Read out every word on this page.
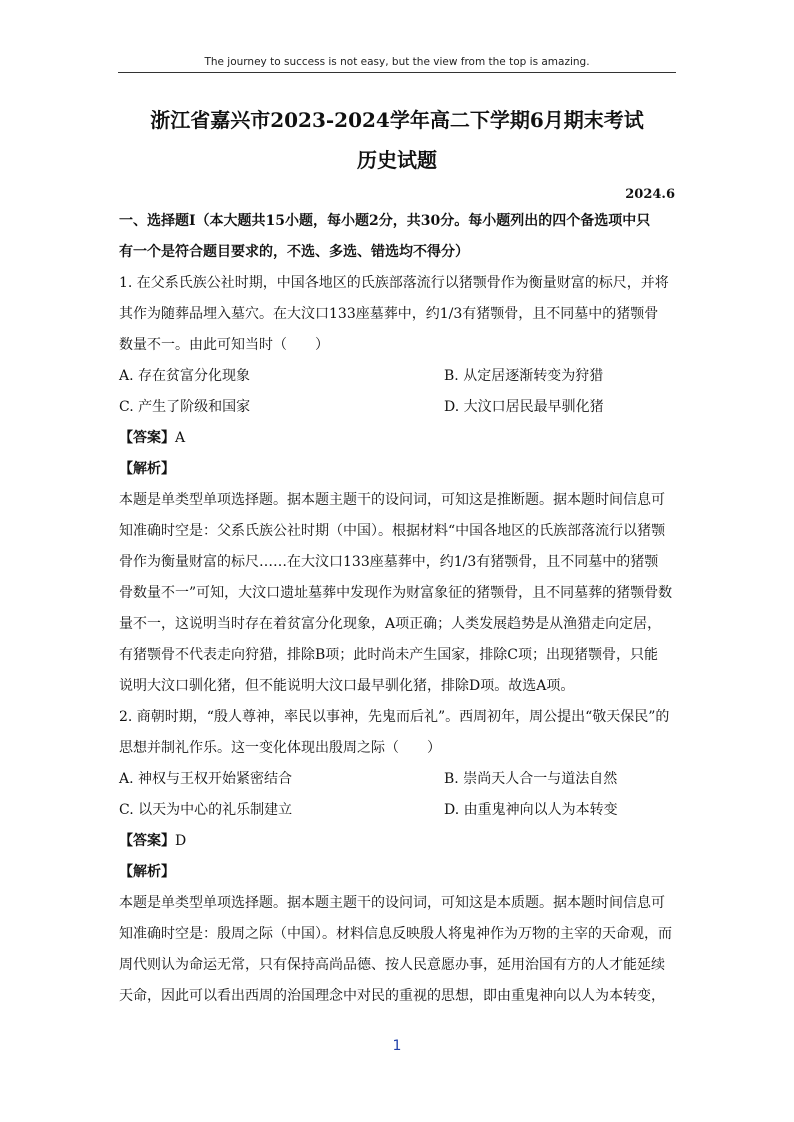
The journey to success is not easy, but the view from the top is amazing.
浙江省嘉兴市2023-2024学年高二下学期6月期末考试
历史试题
2024.6
一、选择题Ⅰ（本大题共15小题，每小题2分，共30分。每小题列出的四个备选项中只
有一个是符合题目要求的，不选、多选、错选均不得分）
1. 在父系氏族公社时期，中国各地区的氏族部落流行以猪颚骨作为衡量财富的标尺，并将
其作为随葬品埋入墓穴。在大汶口133座墓葬中，约1/3有猪颚骨，且不同墓中的猪颚骨
数量不一。由此可知当时（　　）
A. 存在贫富分化现象	B. 从定居逐渐转变为狩猎
C. 产生了阶级和国家	D. 大汶口居民最早驯化猪
【答案】A
【解析】
本题是单类型单项选择题。据本题主题干的设问词，可知这是推断题。据本题时间信息可
知准确时空是：父系氏族公社时期（中国）。根据材料“中国各地区的氏族部落流行以猪颚
骨作为衡量财富的标尺……在大汶口133座墓葬中，约1/3有猪颚骨，且不同墓中的猪颚
骨数量不一”可知，大汶口遗址墓葬中发现作为财富象征的猪颚骨，且不同墓葬的猪颚骨数
量不一，这说明当时存在着贫富分化现象，A项正确；人类发展趋势是从渔猎走向定居，
有猪颚骨不代表走向狩猎，排除B项；此时尚未产生国家，排除C项；出现猪颚骨，只能
说明大汶口驯化猪，但不能说明大汶口最早驯化猪，排除D项。故选A项。
2. 商朝时期，“殷人尊神，率民以事神，先鬼而后礼”。西周初年，周公提出“敬天保民”的
思想并制礼作乐。这一变化体现出殷周之际（　　）
A. 神权与王权开始紧密结合	B. 崇尚天人合一与道法自然
C. 以天为中心的礼乐制建立	D. 由重鬼神向以人为本转变
【答案】D
【解析】
本题是单类型单项选择题。据本题主题干的设问词，可知这是本质题。据本题时间信息可
知准确时空是：殷周之际（中国）。材料信息反映殷人将鬼神作为万物的主宰的天命观，而
周代则认为命运无常，只有保持高尚品德、按人民意愿办事，延用治国有方的人才能延续
天命，因此可以看出西周的治国理念中对民的重视的思想，即由重鬼神向以人为本转变，
1
